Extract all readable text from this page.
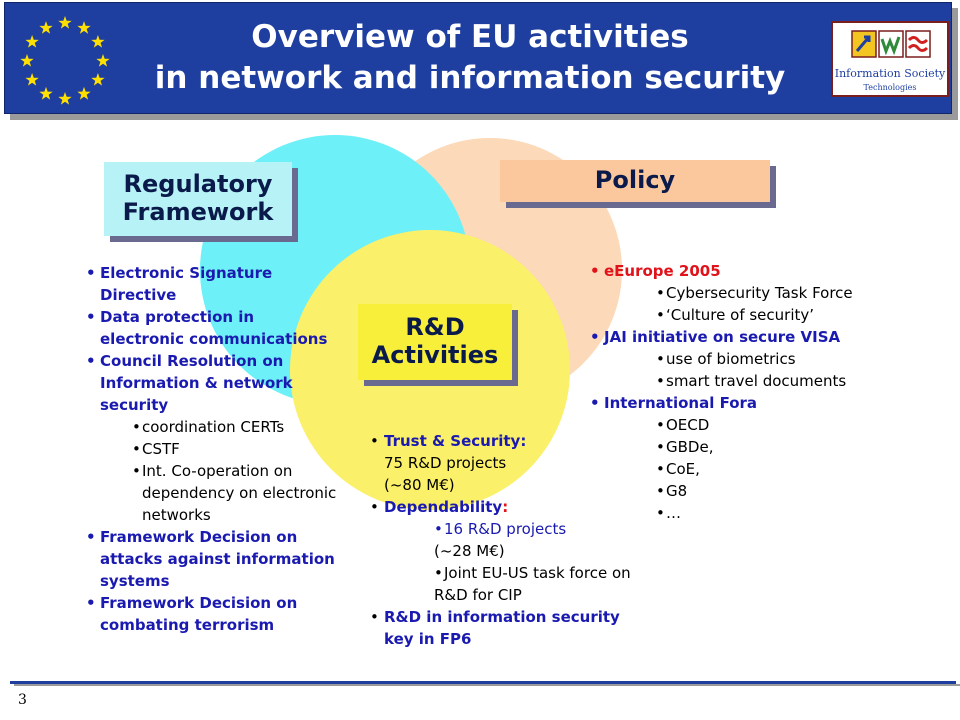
Overview of EU activities
in network and information security	Information Society
Technologies
Regulatory
Framework
Policy
R&D
Activities
• Electronic Signature Directive
• Data protection in electronic communications
• Council Resolution on Information & network security
• coordination CERTs
• CSTF
• Int. Co-operation on dependency on electronic networks
• Framework Decision on attacks against information systems
• Framework Decision on combating terrorism
• eEurope 2005
• Cybersecurity Task Force
• ‘Culture of security’
• JAI initiative on secure VISA
• use of biometrics
• smart travel documents
• International Fora
• OECD
• GBDe,
• CoE,
• G8
• …
• Trust & Security:
75 R&D projects
(~80 M€)
• Dependability:
• 16 R&D projects
(~28 M€)
• Joint EU-US task force on
R&D for CIP
• R&D in information security key in FP6
3
